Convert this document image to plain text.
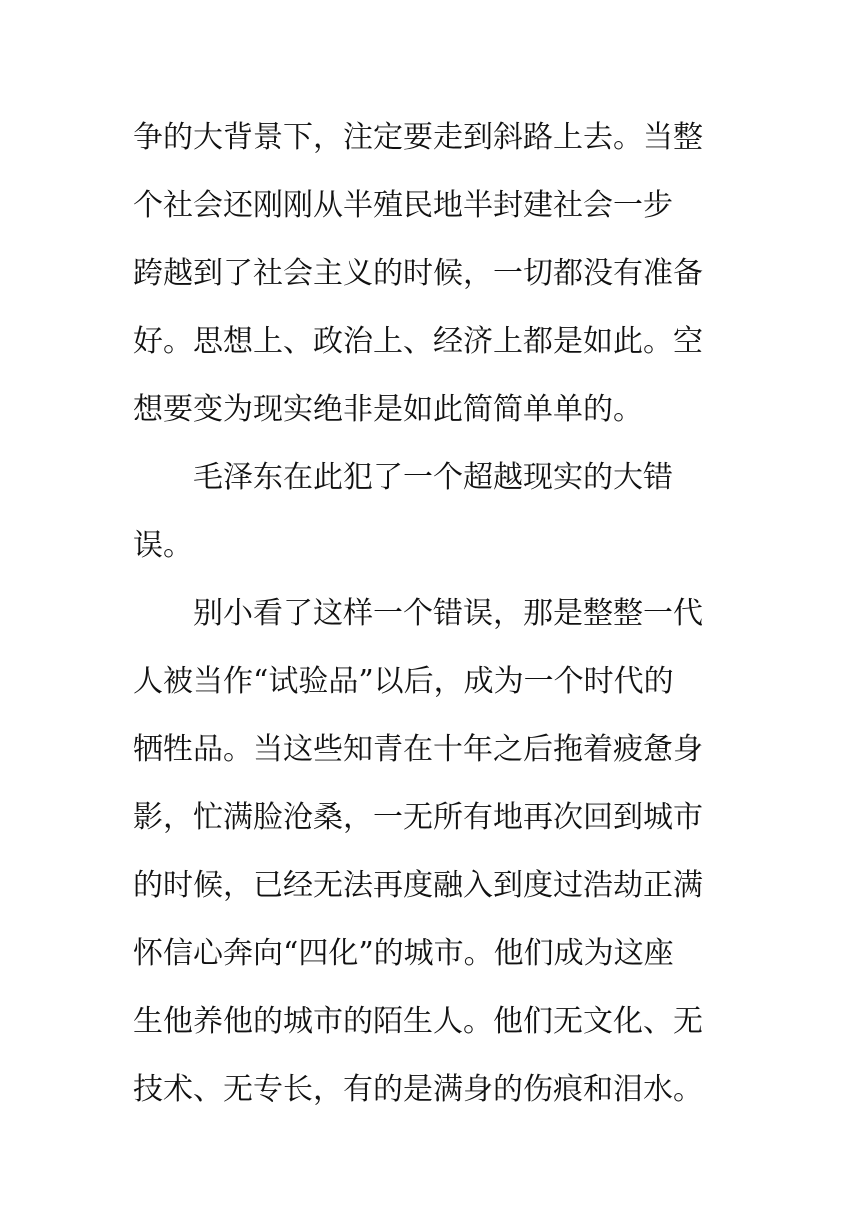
争的大背景下，注定要走到斜路上去。当整
个社会还刚刚从半殖民地半封建社会一步
跨越到了社会主义的时候，一切都没有准备
好。思想上、政治上、经济上都是如此。空
想要变为现实绝非是如此简简单单的。
毛泽东在此犯了一个超越现实的大错
误。
别小看了这样一个错误，那是整整一代
人被当作“试验品”以后，成为一个时代的
牺牲品。当这些知青在十年之后拖着疲惫身
影，忙满脸沧桑，一无所有地再次回到城市
的时候，已经无法再度融入到度过浩劫正满
怀信心奔向“四化”的城市。他们成为这座
生他养他的城市的陌生人。他们无文化、无
技术、无专长，有的是满身的伤痕和泪水。
